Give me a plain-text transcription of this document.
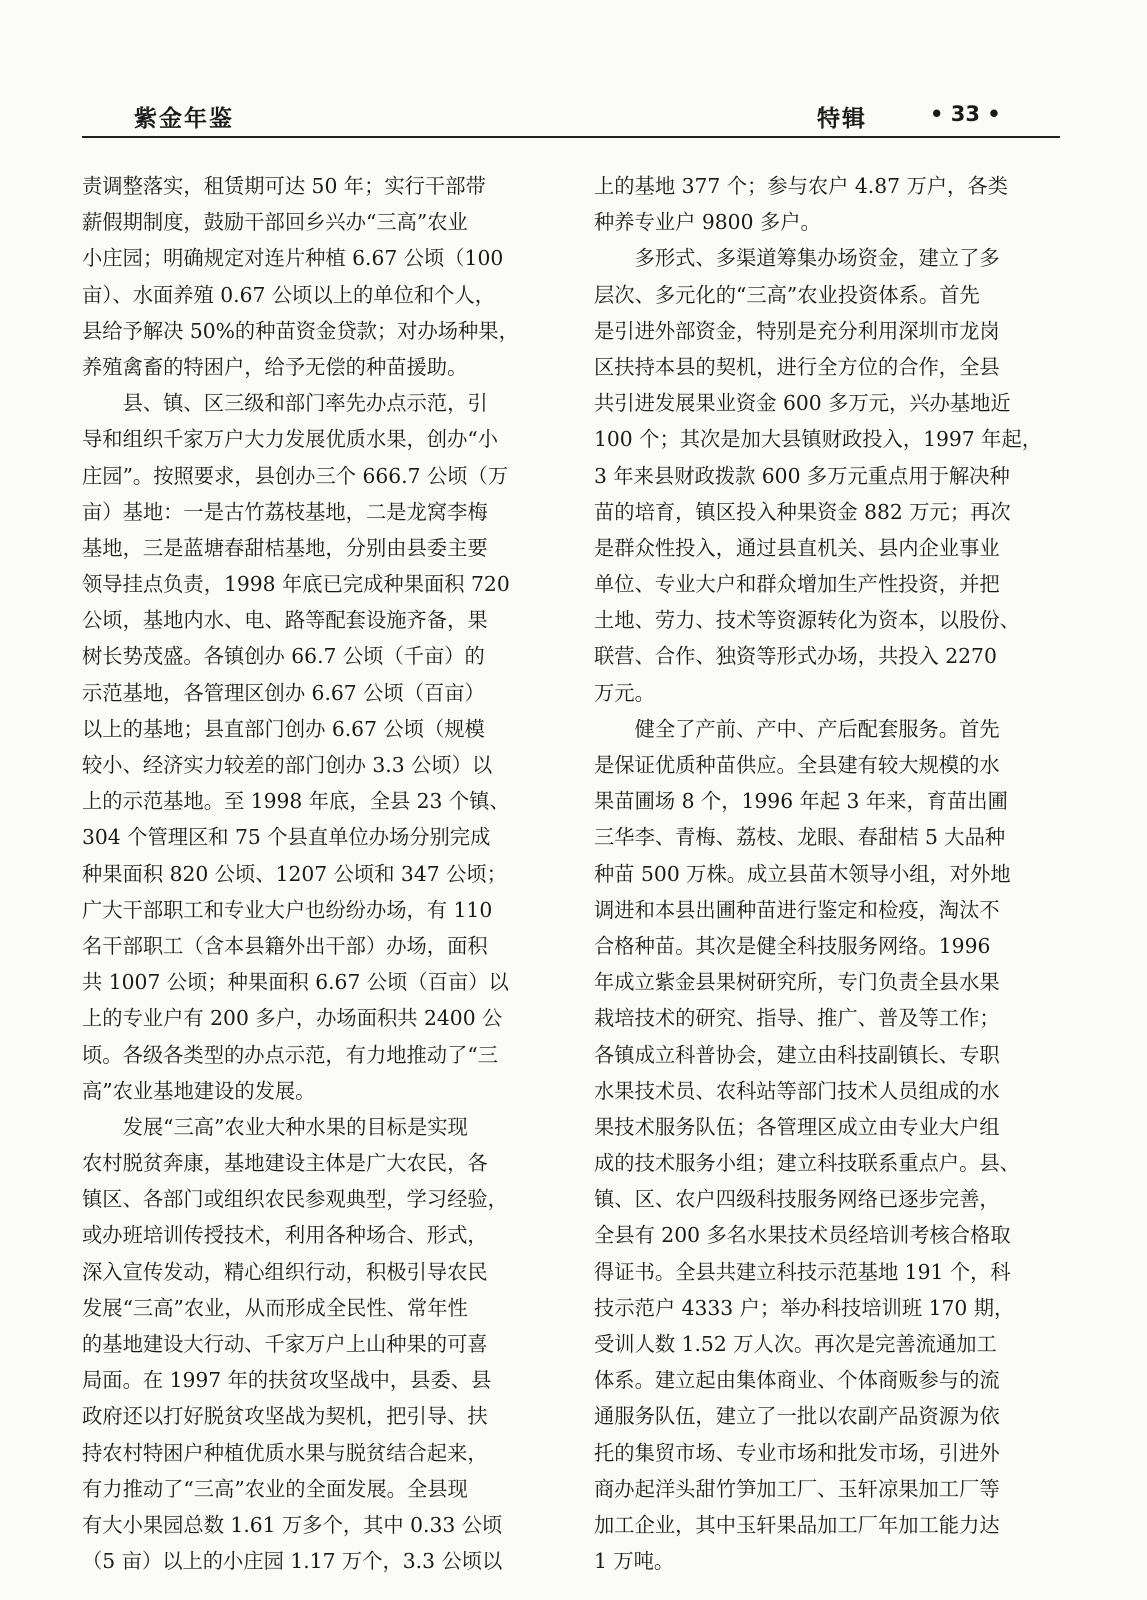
紫金年鉴	特辑	• 33 •
责调整落实，租赁期可达 50 年；实行干部带
薪假期制度，鼓励干部回乡兴办“三高”农业
小庄园；明确规定对连片种植 6.67 公顷（100
亩）、水面养殖 0.67 公顷以上的单位和个人，
县给予解决 50%的种苗资金贷款；对办场种果，
养殖禽畜的特困户，给予无偿的种苗援助。
　　县、镇、区三级和部门率先办点示范，引
导和组织千家万户大力发展优质水果，创办“小
庄园”。按照要求，县创办三个 666.7 公顷（万
亩）基地：一是古竹荔枝基地，二是龙窝李梅
基地，三是蓝塘春甜桔基地，分别由县委主要
领导挂点负责，1998 年底已完成种果面积 720
公顷，基地内水、电、路等配套设施齐备，果
树长势茂盛。各镇创办 66.7 公顷（千亩）的
示范基地，各管理区创办 6.67 公顷（百亩）
以上的基地；县直部门创办 6.67 公顷（规模
较小、经济实力较差的部门创办 3.3 公顷）以
上的示范基地。至 1998 年底，全县 23 个镇、
304 个管理区和 75 个县直单位办场分别完成
种果面积 820 公顷、1207 公顷和 347 公顷；
广大干部职工和专业大户也纷纷办场，有 110
名干部职工（含本县籍外出干部）办场，面积
共 1007 公顷；种果面积 6.67 公顷（百亩）以
上的专业户有 200 多户，办场面积共 2400 公
顷。各级各类型的办点示范，有力地推动了“三
高”农业基地建设的发展。
　　发展“三高”农业大种水果的目标是实现
农村脱贫奔康，基地建设主体是广大农民，各
镇区、各部门或组织农民参观典型，学习经验，
或办班培训传授技术，利用各种场合、形式，
深入宣传发动，精心组织行动，积极引导农民
发展“三高”农业，从而形成全民性、常年性
的基地建设大行动、千家万户上山种果的可喜
局面。在 1997 年的扶贫攻坚战中，县委、县
政府还以打好脱贫攻坚战为契机，把引导、扶
持农村特困户种植优质水果与脱贫结合起来，
有力推动了“三高”农业的全面发展。全县现
有大小果园总数 1.61 万多个，其中 0.33 公顷
（5 亩）以上的小庄园 1.17 万个，3.3 公顷以
上的基地 377 个；参与农户 4.87 万户，各类
种养专业户 9800 多户。
　　多形式、多渠道筹集办场资金，建立了多
层次、多元化的“三高”农业投资体系。首先
是引进外部资金，特别是充分利用深圳市龙岗
区扶持本县的契机，进行全方位的合作，全县
共引进发展果业资金 600 多万元，兴办基地近
100 个；其次是加大县镇财政投入，1997 年起，
3 年来县财政拨款 600 多万元重点用于解决种
苗的培育，镇区投入种果资金 882 万元；再次
是群众性投入，通过县直机关、县内企业事业
单位、专业大户和群众增加生产性投资，并把
土地、劳力、技术等资源转化为资本，以股份、
联营、合作、独资等形式办场，共投入 2270
万元。
　　健全了产前、产中、产后配套服务。首先
是保证优质种苗供应。全县建有较大规模的水
果苗圃场 8 个，1996 年起 3 年来，育苗出圃
三华李、青梅、荔枝、龙眼、春甜桔 5 大品种
种苗 500 万株。成立县苗木领导小组，对外地
调进和本县出圃种苗进行鉴定和检疫，淘汰不
合格种苗。其次是健全科技服务网络。1996
年成立紫金县果树研究所，专门负责全县水果
栽培技术的研究、指导、推广、普及等工作；
各镇成立科普协会，建立由科技副镇长、专职
水果技术员、农科站等部门技术人员组成的水
果技术服务队伍；各管理区成立由专业大户组
成的技术服务小组；建立科技联系重点户。县、
镇、区、农户四级科技服务网络已逐步完善，
全县有 200 多名水果技术员经培训考核合格取
得证书。全县共建立科技示范基地 191 个，科
技示范户 4333 户；举办科技培训班 170 期，
受训人数 1.52 万人次。再次是完善流通加工
体系。建立起由集体商业、个体商贩参与的流
通服务队伍，建立了一批以农副产品资源为依
托的集贸市场、专业市场和批发市场，引进外
商办起洋头甜竹笋加工厂、玉轩凉果加工厂等
加工企业，其中玉轩果品加工厂年加工能力达
1 万吨。
